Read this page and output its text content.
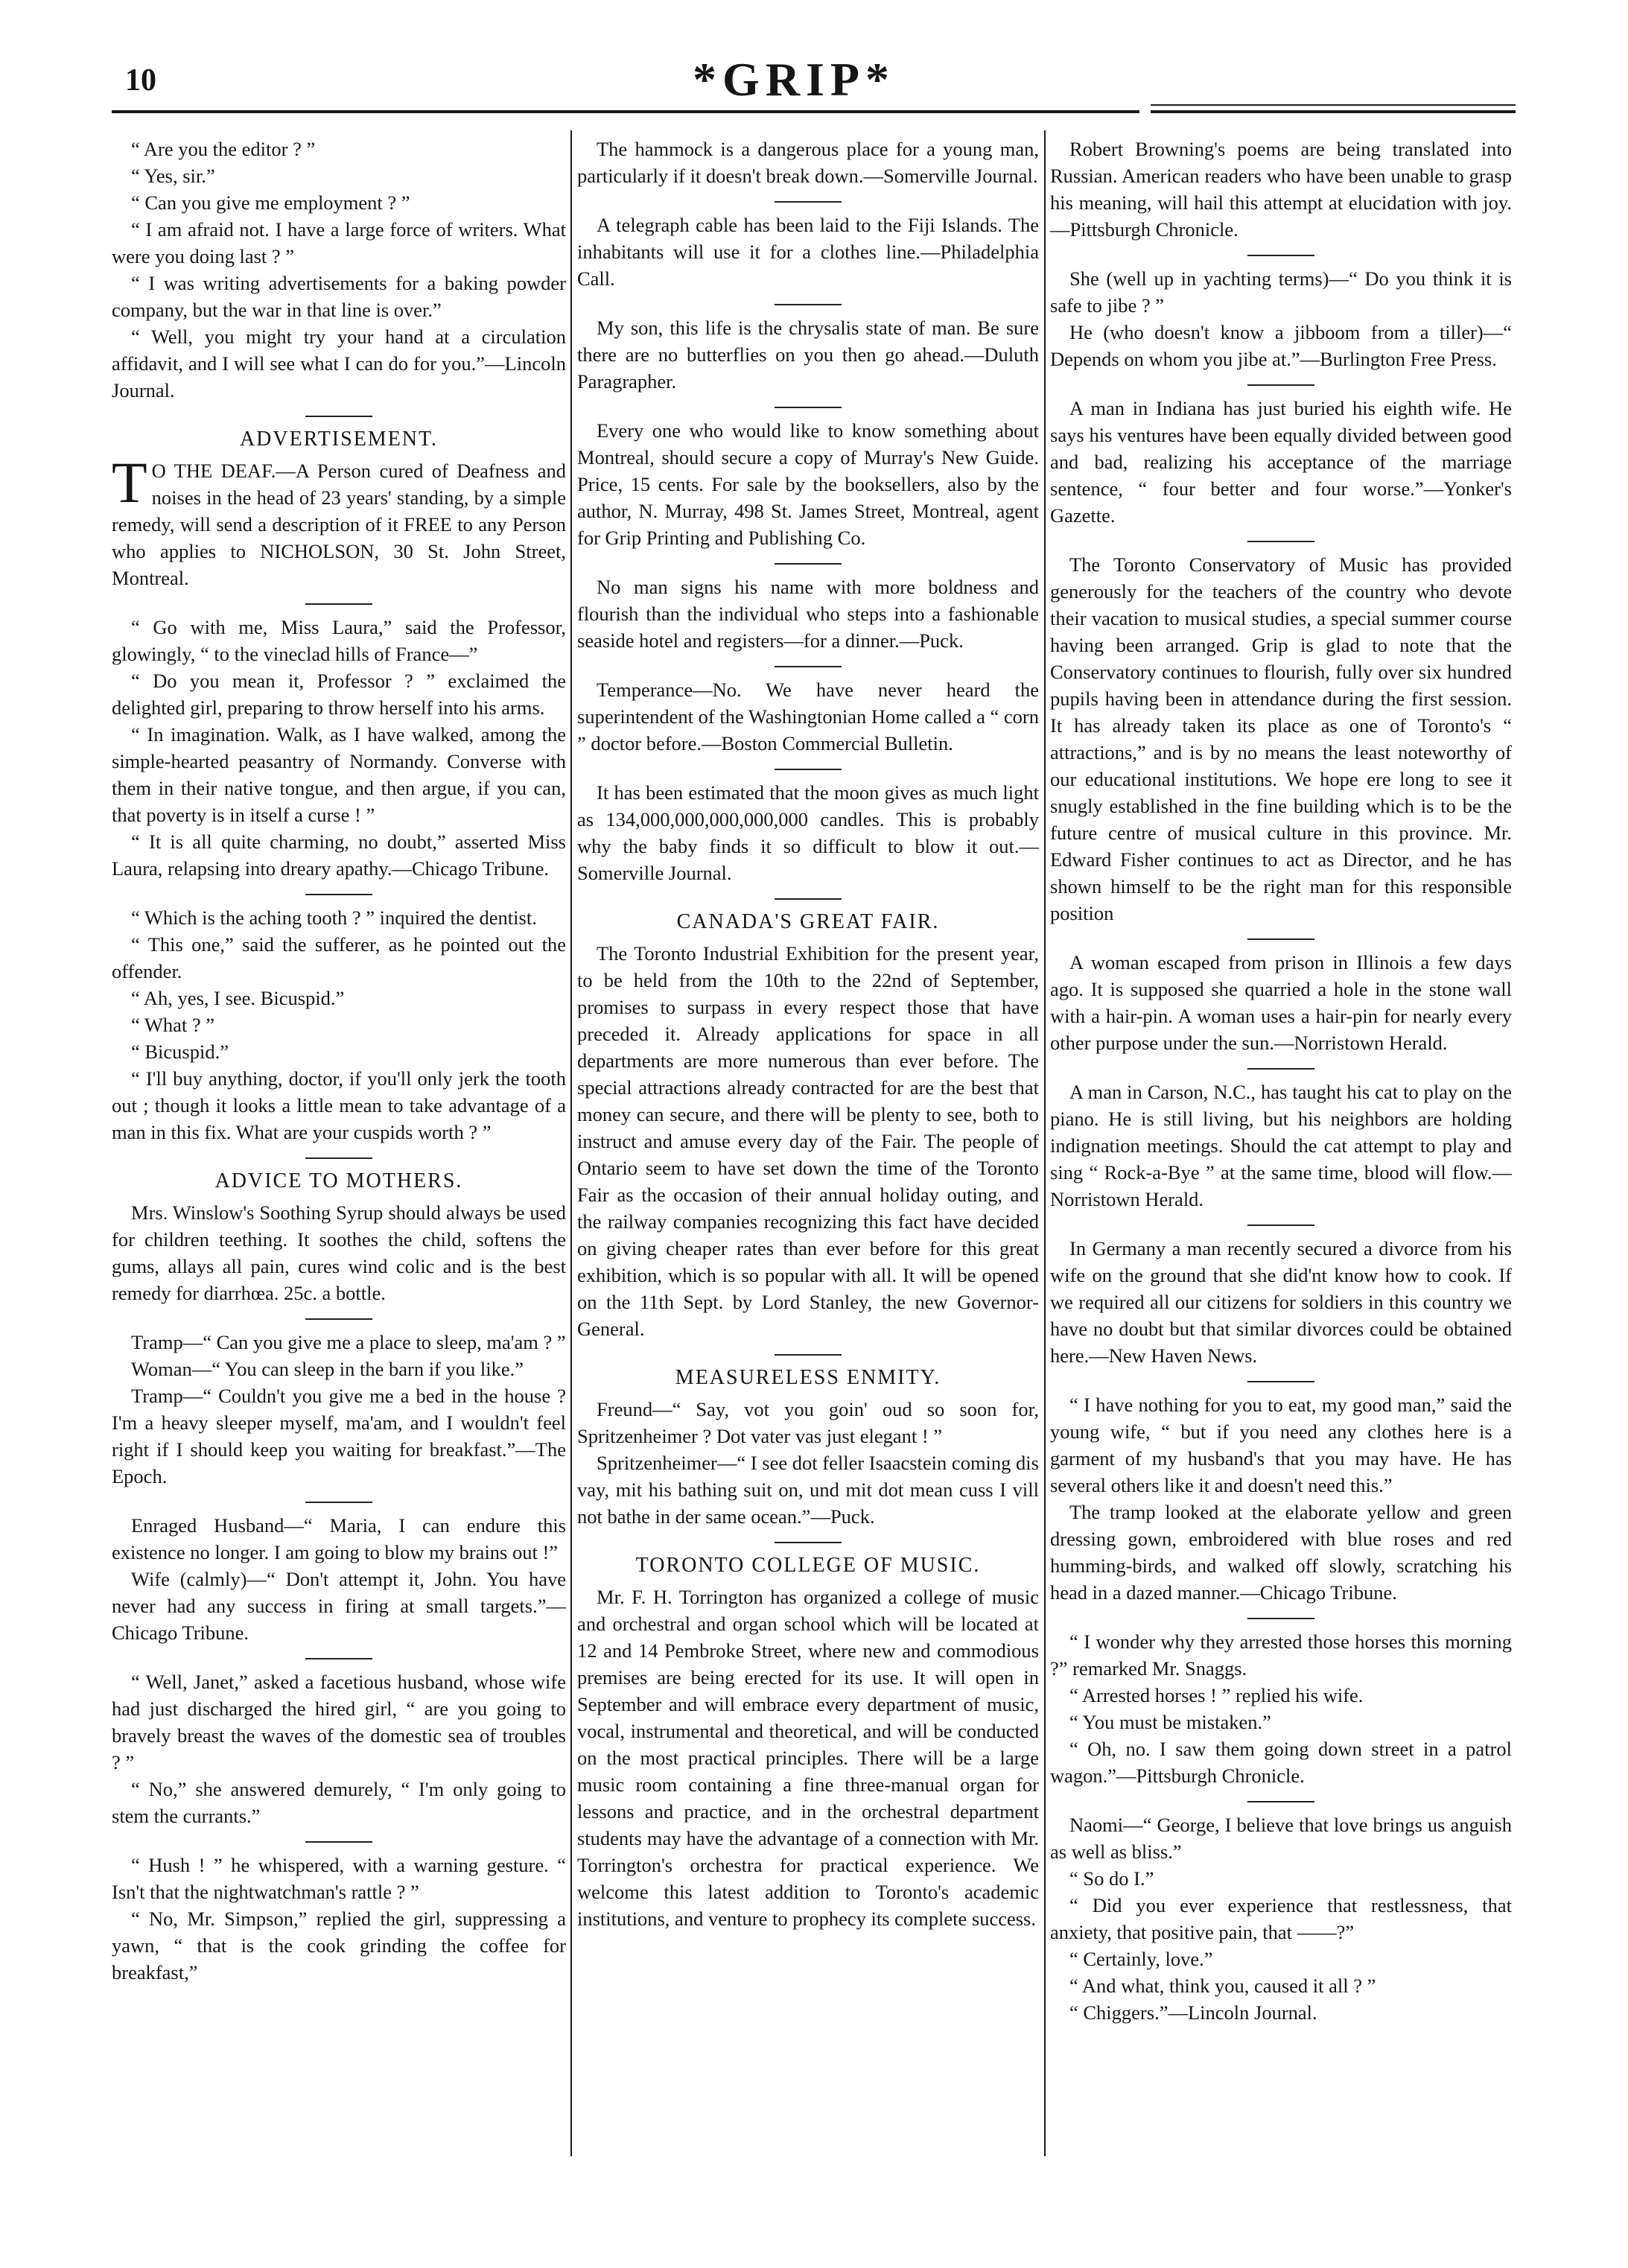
10	*GRIP*

“ Are you the editor ? ”

“ Yes, sir.”

“ Can you give me employment ? ”

“ I am afraid not. I have a large force of writers. What were you doing last ? ”

“ I was writing advertisements for a baking powder company, but the war in that line is over.”

“ Well, you might try your hand at a circulation affidavit, and I will see what I can do for you.”—Lincoln Journal.

ADVERTISEMENT.

T O THE DEAF.—A Person cured of Deafness and noises in the head of 23 years' standing, by a simple remedy, will send a description of it FREE to any Person who applies to NICHOLSON, 30 St. John Street, Montreal.

“ Go with me, Miss Laura,” said the Professor, glowingly, “ to the vineclad hills of France—”

“ Do you mean it, Professor ? ” exclaimed the delighted girl, preparing to throw herself into his arms.

“ In imagination. Walk, as I have walked, among the simple-hearted peasantry of Normandy. Converse with them in their native tongue, and then argue, if you can, that poverty is in itself a curse ! ”

“ It is all quite charming, no doubt,” asserted Miss Laura, relapsing into dreary apathy.—Chicago Tribune.

“ Which is the aching tooth ? ” inquired the dentist.

“ This one,” said the sufferer, as he pointed out the offender.

“ Ah, yes, I see. Bicuspid.”

“ What ? ”

“ Bicuspid.”

“ I'll buy anything, doctor, if you'll only jerk the tooth out ; though it looks a little mean to take advantage of a man in this fix. What are your cuspids worth ? ”

ADVICE TO MOTHERS.

Mrs. Winslow's Soothing Syrup should always be used for children teething. It soothes the child, softens the gums, allays all pain, cures wind colic and is the best remedy for diarrhœa. 25c. a bottle.

Tramp—“ Can you give me a place to sleep, ma'am ? ”

Woman—“ You can sleep in the barn if you like.”

Tramp—“ Couldn't you give me a bed in the house ? I'm a heavy sleeper myself, ma'am, and I wouldn't feel right if I should keep you waiting for breakfast.”—The Epoch.

Enraged Husband—“ Maria, I can endure this existence no longer. I am going to blow my brains out !”

Wife (calmly)—“ Don't attempt it, John. You have never had any success in firing at small targets.”—Chicago Tribune.

“ Well, Janet,” asked a facetious husband, whose wife had just discharged the hired girl, “ are you going to bravely breast the waves of the domestic sea of troubles ? ”

“ No,” she answered demurely, “ I'm only going to stem the currants.”

“ Hush ! ” he whispered, with a warning gesture. “ Isn't that the nightwatchman's rattle ? ”

“ No, Mr. Simpson,” replied the girl, suppressing a yawn, “ that is the cook grinding the coffee for breakfast,”

The hammock is a dangerous place for a young man, particularly if it doesn't break down.—Somerville Journal.

A telegraph cable has been laid to the Fiji Islands. The inhabitants will use it for a clothes line.—Philadelphia Call.

My son, this life is the chrysalis state of man. Be sure there are no butterflies on you then go ahead.—Duluth Paragrapher.

Every one who would like to know something about Montreal, should secure a copy of Murray's New Guide. Price, 15 cents. For sale by the booksellers, also by the author, N. Murray, 498 St. James Street, Montreal, agent for Grip Printing and Publishing Co.

No man signs his name with more boldness and flourish than the individual who steps into a fashionable seaside hotel and registers—for a dinner.—Puck.

Temperance—No. We have never heard the superintendent of the Washingtonian Home called a “ corn ” doctor before.—Boston Commercial Bulletin.

It has been estimated that the moon gives as much light as 134,000,000,000,000,000 candles. This is probably why the baby finds it so difficult to blow it out.—Somerville Journal.

CANADA'S GREAT FAIR.

The Toronto Industrial Exhibition for the present year, to be held from the 10th to the 22nd of September, promises to surpass in every respect those that have preceded it. Already applications for space in all departments are more numerous than ever before. The special attractions already contracted for are the best that money can secure, and there will be plenty to see, both to instruct and amuse every day of the Fair. The people of Ontario seem to have set down the time of the Toronto Fair as the occasion of their annual holiday outing, and the railway companies recognizing this fact have decided on giving cheaper rates than ever before for this great exhibition, which is so popular with all. It will be opened on the 11th Sept. by Lord Stanley, the new Governor-General.

MEASURELESS ENMITY.

Freund—“ Say, vot you goin' oud so soon for, Spritzenheimer ? Dot vater vas just elegant ! ”

Spritzenheimer—“ I see dot feller Isaacstein coming dis vay, mit his bathing suit on, und mit dot mean cuss I vill not bathe in der same ocean.”—Puck.

TORONTO COLLEGE OF MUSIC.

Mr. F. H. Torrington has organized a college of music and orchestral and organ school which will be located at 12 and 14 Pembroke Street, where new and commodious premises are being erected for its use. It will open in September and will embrace every department of music, vocal, instrumental and theoretical, and will be conducted on the most practical principles. There will be a large music room containing a fine three-manual organ for lessons and practice, and in the orchestral department students may have the advantage of a connection with Mr. Torrington's orchestra for practical experience. We welcome this latest addition to Toronto's academic institutions, and venture to prophecy its complete success.

Robert Browning's poems are being translated into Russian. American readers who have been unable to grasp his meaning, will hail this attempt at elucidation with joy.—Pittsburgh Chronicle.

She (well up in yachting terms)—“ Do you think it is safe to jibe ? ”

He (who doesn't know a jibboom from a tiller)—“ Depends on whom you jibe at.”—Burlington Free Press.

A man in Indiana has just buried his eighth wife. He says his ventures have been equally divided between good and bad, realizing his acceptance of the marriage sentence, “ four better and four worse.”—Yonker's Gazette.

The Toronto Conservatory of Music has provided generously for the teachers of the country who devote their vacation to musical studies, a special summer course having been arranged. Grip is glad to note that the Conservatory continues to flourish, fully over six hundred pupils having been in attendance during the first session. It has already taken its place as one of Toronto's “ attractions,” and is by no means the least noteworthy of our educational institutions. We hope ere long to see it snugly established in the fine building which is to be the future centre of musical culture in this province. Mr. Edward Fisher continues to act as Director, and he has shown himself to be the right man for this responsible position

A woman escaped from prison in Illinois a few days ago. It is supposed she quarried a hole in the stone wall with a hair-pin. A woman uses a hair-pin for nearly every other purpose under the sun.—Norristown Herald.

A man in Carson, N.C., has taught his cat to play on the piano. He is still living, but his neighbors are holding indignation meetings. Should the cat attempt to play and sing “ Rock-a-Bye ” at the same time, blood will flow.—Norristown Herald.

In Germany a man recently secured a divorce from his wife on the ground that she did'nt know how to cook. If we required all our citizens for soldiers in this country we have no doubt but that similar divorces could be obtained here.—New Haven News.

“ I have nothing for you to eat, my good man,” said the young wife, “ but if you need any clothes here is a garment of my husband's that you may have. He has several others like it and doesn't need this.”

The tramp looked at the elaborate yellow and green dressing gown, embroidered with blue roses and red humming-birds, and walked off slowly, scratching his head in a dazed manner.—Chicago Tribune.

“ I wonder why they arrested those horses this morning ?” remarked Mr. Snaggs.

“ Arrested horses ! ” replied his wife.

“ You must be mistaken.”

“ Oh, no. I saw them going down street in a patrol wagon.”—Pittsburgh Chronicle.

Naomi—“ George, I believe that love brings us anguish as well as bliss.”

“ So do I.”

“ Did you ever experience that restlessness, that anxiety, that positive pain, that ——?”

“ Certainly, love.”

“ And what, think you, caused it all ? ”

“ Chiggers.”—Lincoln Journal.
